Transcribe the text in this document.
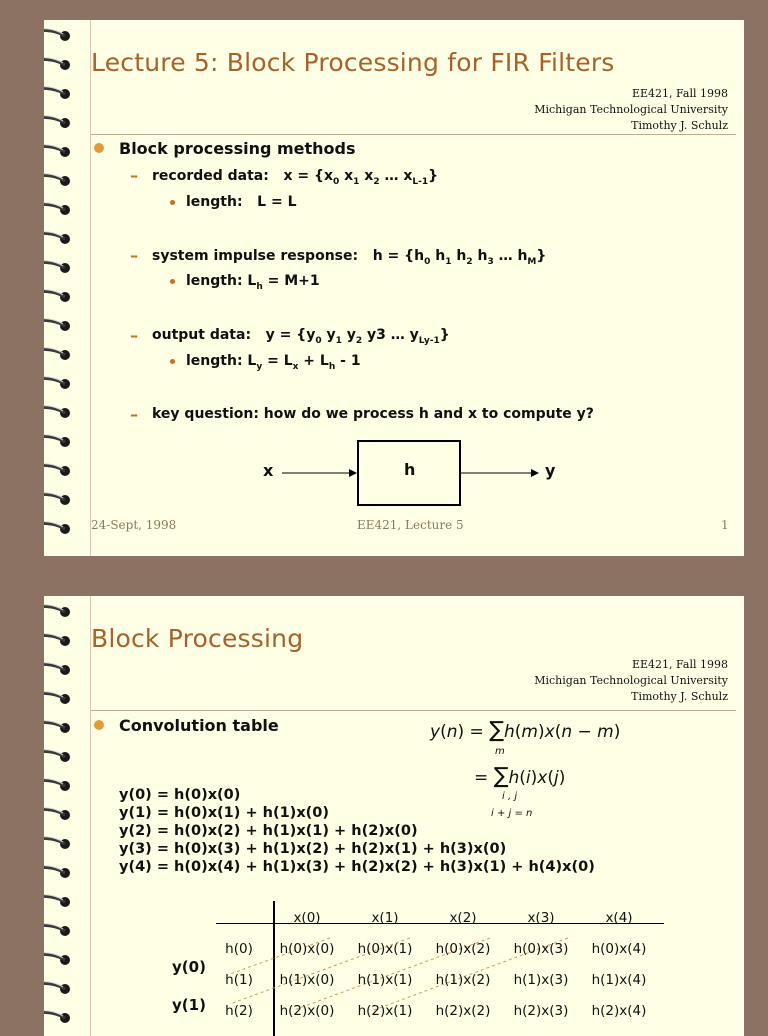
Lecture 5: Block Processing for FIR Filters
EE421, Fall 1998
Michigan Technological University
Timothy J. Schulz
Block processing methods
– recorded data: $x = \{x_0$ $x_1$ $x_2$ … $x_{L-1}$}
length: L = L
– system impulse response: $h = \{h_0$ $h_1$ $h_2$ $h_3$ … $h_M$}
length: $L_h = M+1$
– output data: $y = \{y_0$ $y_1$ $y_2$ y3 … $y_{Ly-1}$}
length: $L_y = L_x + L_h - 1$
– key question: how do we process h and x to compute y?
x	h	y
24-Sept, 1998	EE421, Lecture 5	1
Block Processing
EE421, Fall 1998
Michigan Technological University
Timothy J. Schulz
Convolution table	y(n) = ∑h(m)x(n − m)
m
= ∑h(i)x(j)
i , j
i + j = n
y(0) = h(0)x(0)
y(1) = h(0)x(1) + h(1)x(0)
y(2) = h(0)x(2) + h(1)x(1) + h(2)x(0)
y(3) = h(0)x(3) + h(1)x(2) + h(2)x(1) + h(3)x(0)
y(4) = h(0)x(4) + h(1)x(3) + h(2)x(2) + h(3)x(1) + h(4)x(0)
	x(0)	x(1)	x(2)	x(3)	x(4)
h(0)	h(0)x(0)	h(0)x(1)	h(0)x(2)	h(0)x(3)	h(0)x(4)
h(1)	h(1)x(0)	h(1)x(1)	h(1)x(2)	h(1)x(3)	h(1)x(4)
h(2)	h(2)x(0)	h(2)x(1)	h(2)x(2)	h(2)x(3)	h(2)x(4)
y(0)
y(1)
